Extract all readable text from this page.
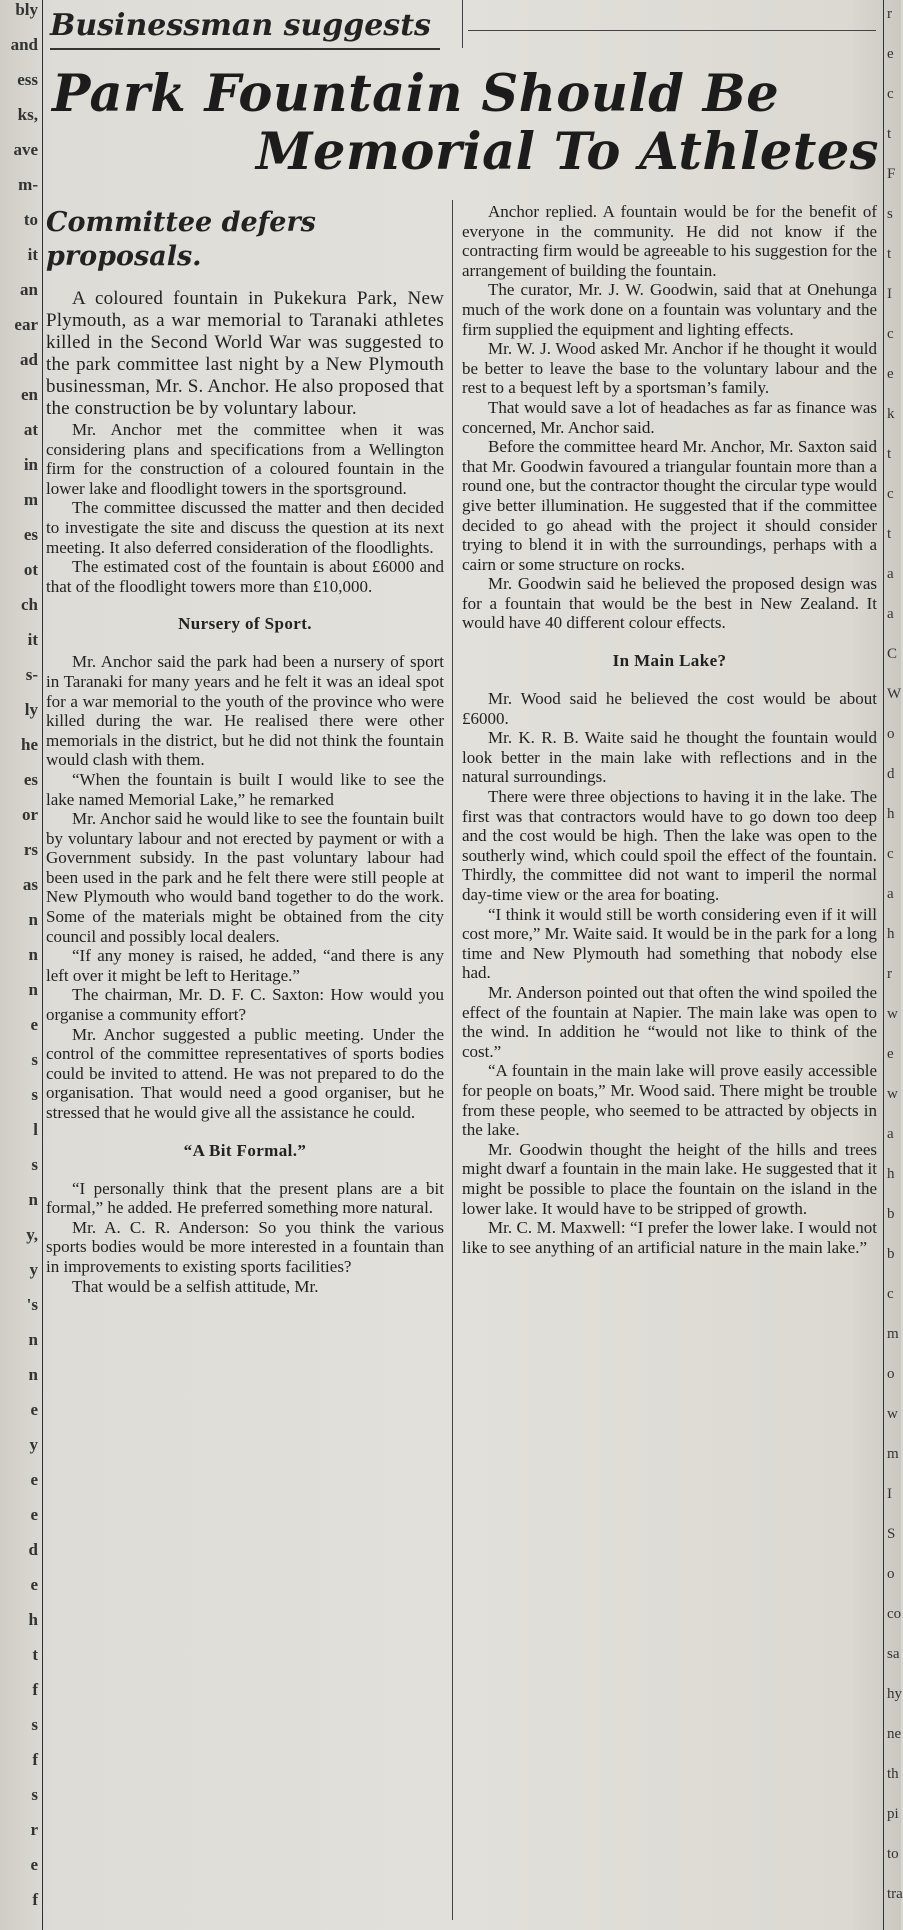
bly
and
ess
ks,
ave
m-
to
it
an
ear
ad
en
at
in
m
es
ot
ch
it
s-
ly
he
es
or
rs
as
n
n
n
e
s
s
l
s
n
y,
y
's
n
n
e
y
e
e
d
e
h
t
f
s
f
s
r
e
f
r
e
c
t
F
s
t
I
c
e
k
t
c
t
a
a
C
W
o
d
h
c
a
h
r
w
e
w
a
h
b
b
c
m
o
w
m
I
S
o
co
sa
hy
ne
th
pi
to
tra
Businessman suggests
Park Fountain Should Be
Memorial To Athletes
Committee defers proposals.

A coloured fountain in Pukekura Park, New Plymouth, as a war memorial to Taranaki athletes killed in the Second World War was suggested to the park committee last night by a New Plymouth businessman, Mr. S. Anchor. He also proposed that the construction be by voluntary labour.

Mr. Anchor met the committee when it was considering plans and specifications from a Wellington firm for the construction of a coloured fountain in the lower lake and floodlight towers in the sportsground.

The committee discussed the matter and then decided to investigate the site and discuss the question at its next meeting. It also deferred consideration of the floodlights.

The estimated cost of the fountain is about £6000 and that of the floodlight towers more than £10,000.

Nursery of Sport.

Mr. Anchor said the park had been a nursery of sport in Taranaki for many years and he felt it was an ideal spot for a war memorial to the youth of the province who were killed during the war. He realised there were other memorials in the district, but he did not think the fountain would clash with them.

“When the fountain is built I would like to see the lake named Memorial Lake,” he remarked

Mr. Anchor said he would like to see the fountain built by voluntary labour and not erected by payment or with a Government subsidy. In the past voluntary labour had been used in the park and he felt there were still people at New Plymouth who would band together to do the work. Some of the materials might be obtained from the city council and possibly local dealers.

“If any money is raised, he added, “and there is any left over it might be left to Heritage.”

The chairman, Mr. D. F. C. Saxton: How would you organise a community effort?

Mr. Anchor suggested a public meeting. Under the control of the committee representatives of sports bodies could be invited to attend. He was not prepared to do the organisation. That would need a good organiser, but he stressed that he would give all the assistance he could.

“A Bit Formal.”

“I personally think that the present plans are a bit formal,” he added. He preferred something more natural.

Mr. A. C. R. Anderson: So you think the various sports bodies would be more interested in a fountain than in improvements to existing sports facilities?

That would be a selfish attitude, Mr.

Anchor replied. A fountain would be for the benefit of everyone in the community. He did not know if the contracting firm would be agreeable to his suggestion for the arrangement of building the fountain.

The curator, Mr. J. W. Goodwin, said that at Onehunga much of the work done on a fountain was voluntary and the firm supplied the equipment and lighting effects.

Mr. W. J. Wood asked Mr. Anchor if he thought it would be better to leave the base to the voluntary labour and the rest to a bequest left by a sportsman’s family.

That would save a lot of headaches as far as finance was concerned, Mr. Anchor said.

Before the committee heard Mr. Anchor, Mr. Saxton said that Mr. Goodwin favoured a triangular fountain more than a round one, but the contractor thought the circular type would give better illumination. He suggested that if the committee decided to go ahead with the project it should consider trying to blend it in with the surroundings, perhaps with a cairn or some structure on rocks.

Mr. Goodwin said he believed the proposed design was for a fountain that would be the best in New Zealand. It would have 40 different colour effects.

In Main Lake?

Mr. Wood said he believed the cost would be about £6000.

Mr. K. R. B. Waite said he thought the fountain would look better in the main lake with reflections and in the natural surroundings.

There were three objections to having it in the lake. The first was that contractors would have to go down too deep and the cost would be high. Then the lake was open to the southerly wind, which could spoil the effect of the fountain. Thirdly, the committee did not want to imperil the normal day-time view or the area for boating.

“I think it would still be worth considering even if it will cost more,” Mr. Waite said. It would be in the park for a long time and New Plymouth had something that nobody else had.

Mr. Anderson pointed out that often the wind spoiled the effect of the fountain at Napier. The main lake was open to the wind. In addition he “would not like to think of the cost.”

“A fountain in the main lake will prove easily accessible for people on boats,” Mr. Wood said. There might be trouble from these people, who seemed to be attracted by objects in the lake.

Mr. Goodwin thought the height of the hills and trees might dwarf a fountain in the main lake. He suggested that it might be possible to place the fountain on the island in the lower lake. It would have to be stripped of growth.

Mr. C. M. Maxwell: “I prefer the lower lake. I would not like to see anything of an artificial nature in the main lake.”
